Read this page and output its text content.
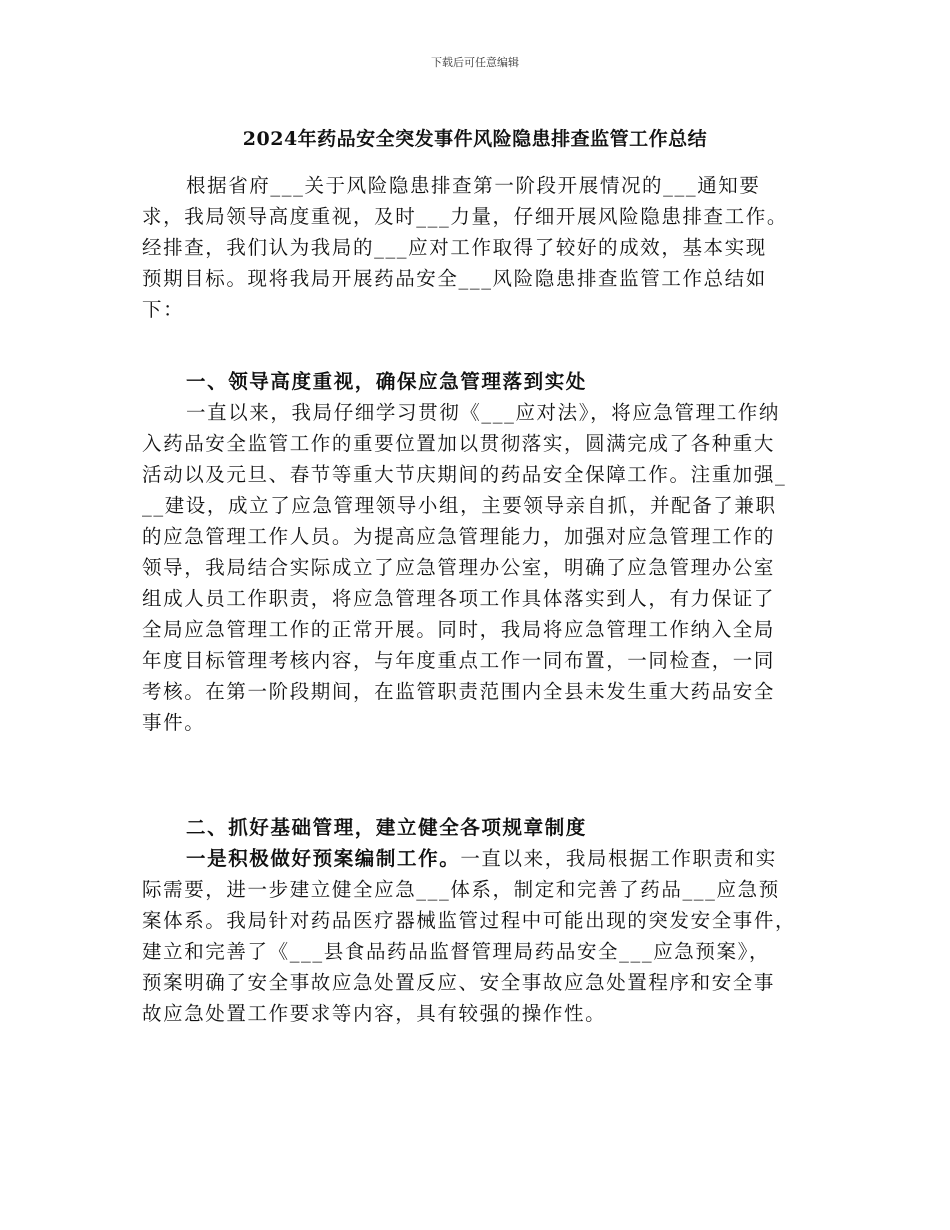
下载后可任意编辑
2024年药品安全突发事件风险隐患排查监管工作总结
根据省府___关于风险隐患排查第一阶段开展情况的___通知要
求，我局领导高度重视，及时___力量，仔细开展风险隐患排查工作。
经排查，我们认为我局的___应对工作取得了较好的成效，基本实现
预期目标。现将我局开展药品安全___风险隐患排查监管工作总结如
下：
一、领导高度重视，确保应急管理落到实处
一直以来，我局仔细学习贯彻《___应对法》，将应急管理工作纳
入药品安全监管工作的重要位置加以贯彻落实，圆满完成了各种重大
活动以及元旦、春节等重大节庆期间的药品安全保障工作。注重加强_
__建设，成立了应急管理领导小组，主要领导亲自抓，并配备了兼职
的应急管理工作人员。为提高应急管理能力，加强对应急管理工作的
领导，我局结合实际成立了应急管理办公室，明确了应急管理办公室
组成人员工作职责，将应急管理各项工作具体落实到人，有力保证了
全局应急管理工作的正常开展。同时，我局将应急管理工作纳入全局
年度目标管理考核内容，与年度重点工作一同布置，一同检查，一同
考核。在第一阶段期间，在监管职责范围内全县未发生重大药品安全
事件。
二、抓好基础管理，建立健全各项规章制度
一是积极做好预案编制工作。一直以来，我局根据工作职责和实
际需要，进一步建立健全应急___体系，制定和完善了药品___应急预
案体系。我局针对药品医疗器械监管过程中可能出现的突发安全事件，
建立和完善了《___县食品药品监督管理局药品安全___应急预案》，
预案明确了安全事故应急处置反应、安全事故应急处置程序和安全事
故应急处置工作要求等内容，具有较强的操作性。
